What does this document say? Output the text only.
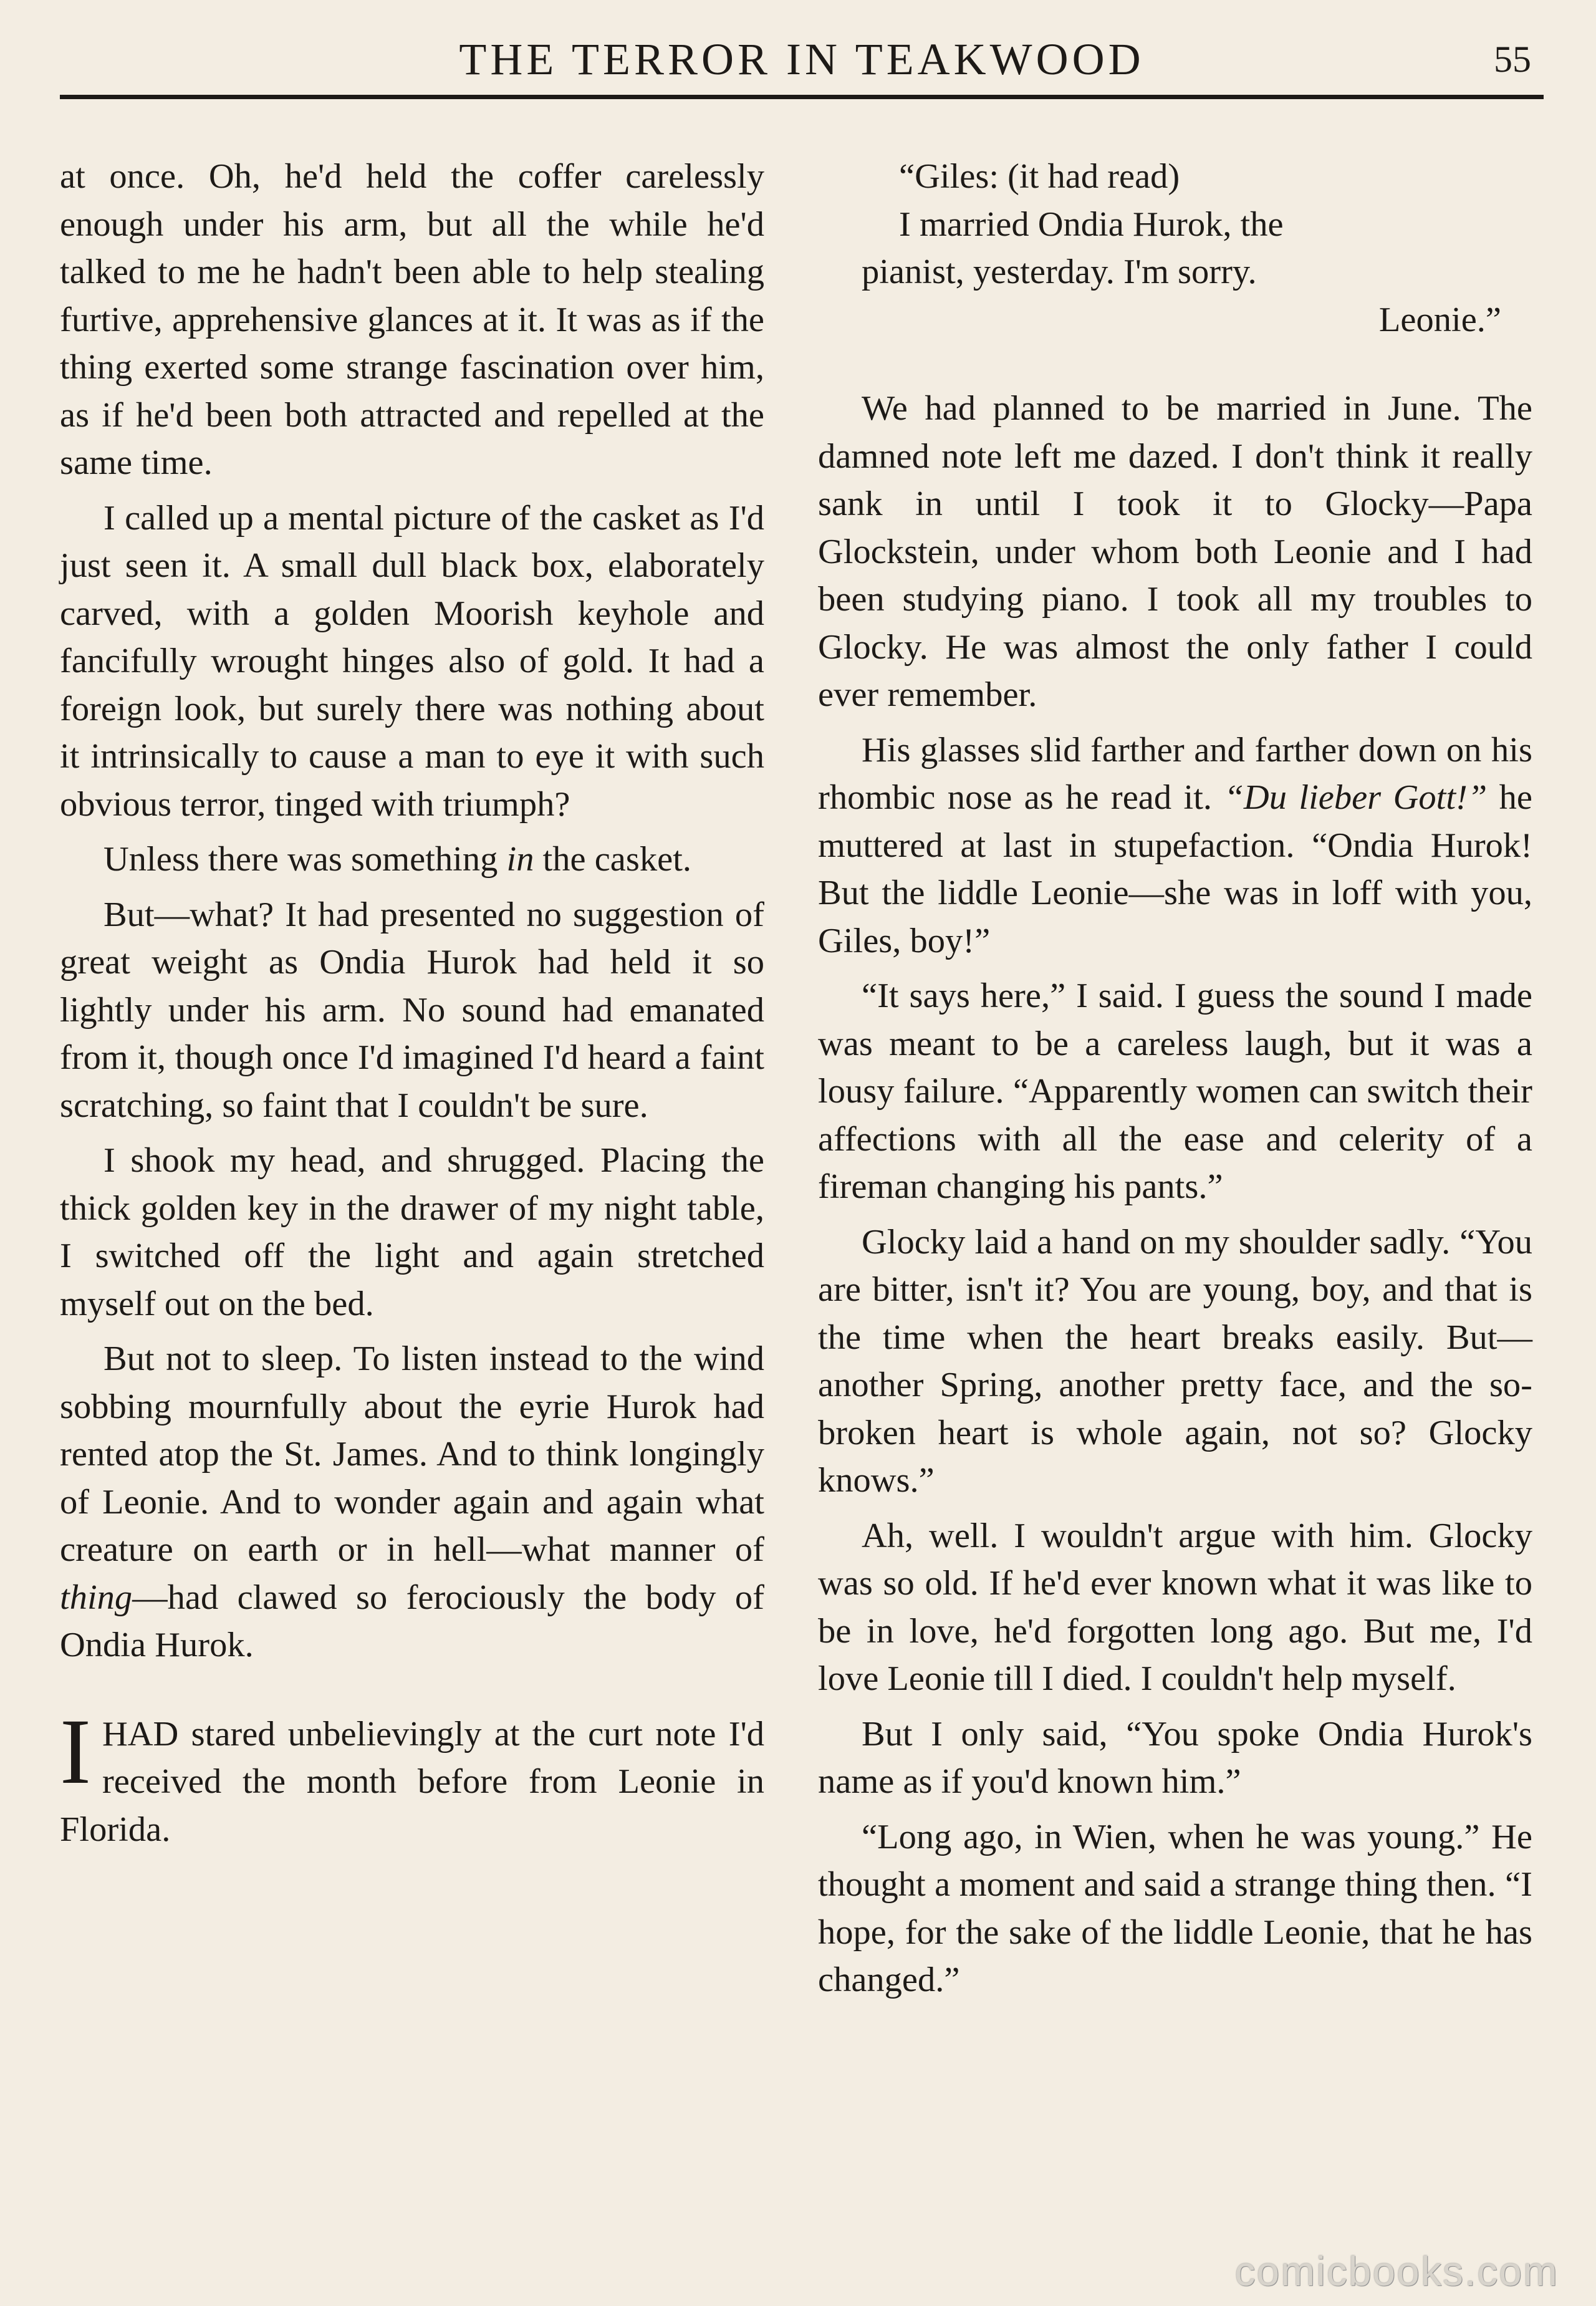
THE TERROR IN TEAKWOOD	55

at once. Oh, he'd held the coffer carelessly enough under his arm, but all the while he'd talked to me he hadn't been able to help stealing furtive, apprehensive glances at it. It was as if the thing exerted some strange fascination over him, as if he'd been both attracted and repelled at the same time.

I called up a mental picture of the casket as I'd just seen it. A small dull black box, elaborately carved, with a golden Moorish keyhole and fancifully wrought hinges also of gold. It had a foreign look, but surely there was nothing about it intrinsically to cause a man to eye it with such obvious terror, tinged with triumph?

Unless there was something in the casket.

But—what? It had presented no suggestion of great weight as Ondia Hurok had held it so lightly under his arm. No sound had emanated from it, though once I'd imagined I'd heard a faint scratching, so faint that I couldn't be sure.

I shook my head, and shrugged. Placing the thick golden key in the drawer of my night table, I switched off the light and again stretched myself out on the bed.

But not to sleep. To listen instead to the wind sobbing mournfully about the eyrie Hurok had rented atop the St. James. And to think longingly of Leonie. And to wonder again and again what creature on earth or in hell—what manner of thing—had clawed so ferociously the body of Ondia Hurok.

IHAD stared unbelievingly at the curt note I'd received the month before from Leonie in Florida.

“Giles: (it had read)
I married Ondia Hurok, the
pianist, yesterday. I'm sorry.
Leonie.”

We had planned to be married in June. The damned note left me dazed. I don't think it really sank in until I took it to Glocky—Papa Glockstein, under whom both Leonie and I had been studying piano. I took all my troubles to Glocky. He was almost the only father I could ever remember.

His glasses slid farther and farther down on his rhombic nose as he read it. “Du lieber Gott!” he muttered at last in stupefaction. “Ondia Hurok! But the liddle Leonie—she was in loff with you, Giles, boy!”

“It says here,” I said. I guess the sound I made was meant to be a careless laugh, but it was a lousy failure. “Apparently women can switch their affections with all the ease and celerity of a fireman changing his pants.”

Glocky laid a hand on my shoulder sadly. “You are bitter, isn't it? You are young, boy, and that is the time when the heart breaks easily. But—another Spring, another pretty face, and the so-broken heart is whole again, not so? Glocky knows.”

Ah, well. I wouldn't argue with him. Glocky was so old. If he'd ever known what it was like to be in love, he'd forgotten long ago. But me, I'd love Leonie till I died. I couldn't help myself.

But I only said, “You spoke Ondia Hurok's name as if you'd known him.”

“Long ago, in Wien, when he was young.” He thought a moment and said a strange thing then. “I hope, for the sake of the liddle Leonie, that he has changed.”

comicbooks.com
